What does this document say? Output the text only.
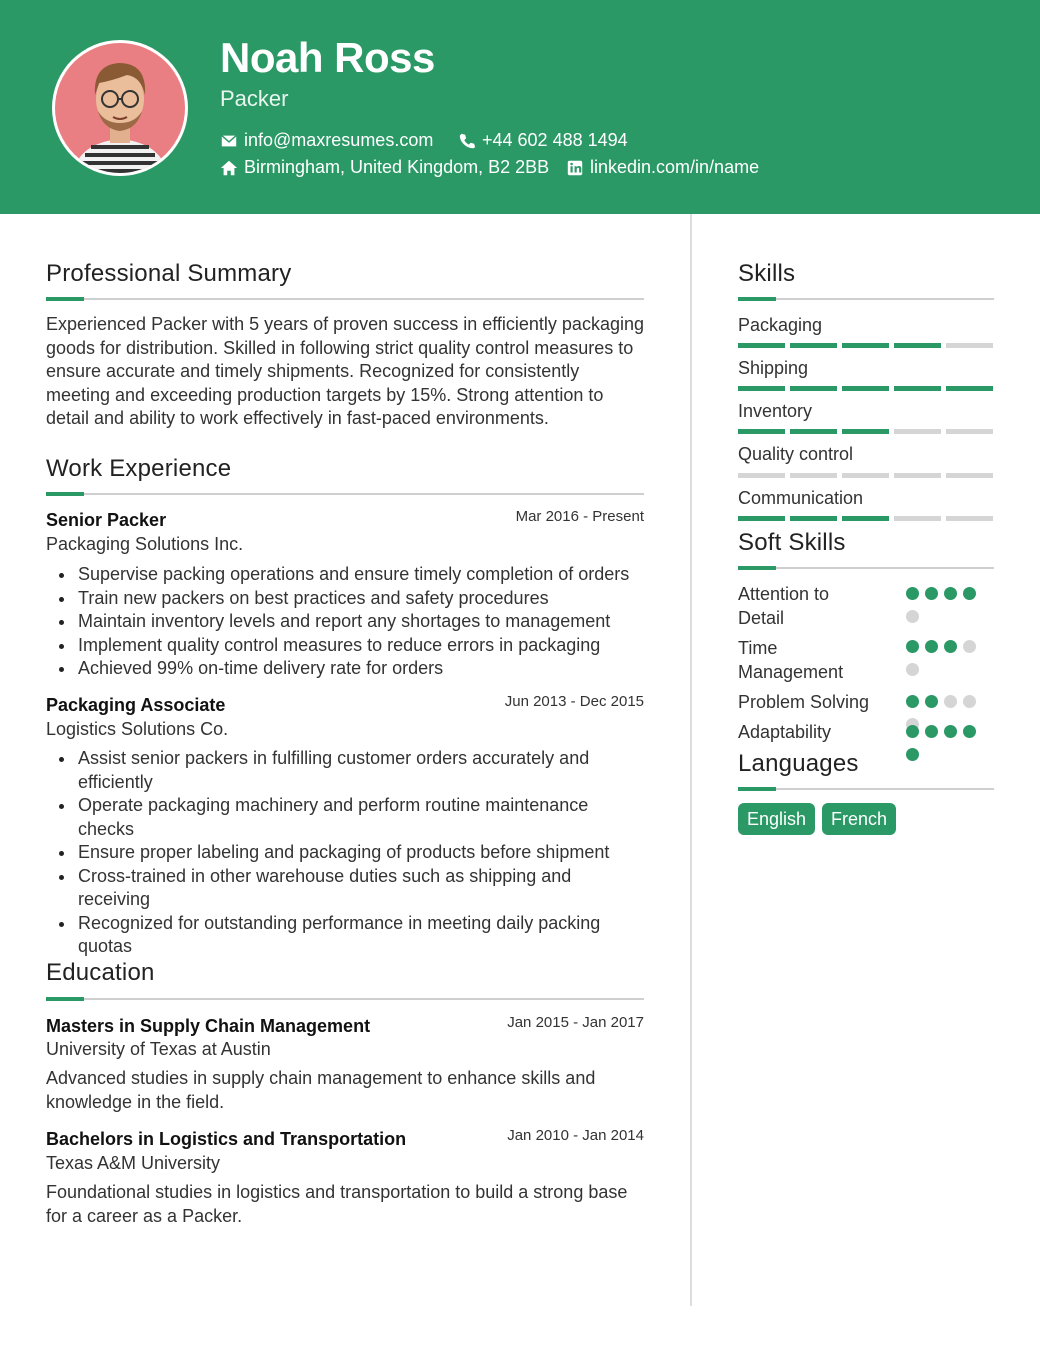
Noah Ross
Packer
info@maxresumes.com	+44 602 488 1494
Birmingham, United Kingdom, B2 2BB linkedin.com/in/name
Professional Summary
Experienced Packer with 5 years of proven success in efficiently packaging goods for distribution. Skilled in following strict quality control measures to ensure accurate and timely shipments. Recognized for consistently meeting and exceeding production targets by 15%. Strong attention to detail and ability to work effectively in fast-paced environments.
Work Experience
Senior Packer	Mar 2016 - Present
Packaging Solutions Inc.
Supervise packing operations and ensure timely completion of orders
Train new packers on best practices and safety procedures
Maintain inventory levels and report any shortages to management
Implement quality control measures to reduce errors in packaging
Achieved 99% on-time delivery rate for orders
Packaging Associate	Jun 2013 - Dec 2015
Logistics Solutions Co.
Assist senior packers in fulfilling customer orders accurately and efficiently
Operate packaging machinery and perform routine maintenance checks
Ensure proper labeling and packaging of products before shipment
Cross-trained in other warehouse duties such as shipping and receiving
Recognized for outstanding performance in meeting daily packing quotas
Education
Masters in Supply Chain Management	Jan 2015 - Jan 2017
University of Texas at Austin
Advanced studies in supply chain management to enhance skills and knowledge in the field.
Bachelors in Logistics and Transportation	Jan 2010 - Jan 2014
Texas A&M University
Foundational studies in logistics and transportation to build a strong base for a career as a Packer.
Skills
Packaging
Shipping
Inventory
Quality control
Communication
Soft Skills
Attention to Detail
Time Management
Problem Solving
Adaptability
Languages
English	French
